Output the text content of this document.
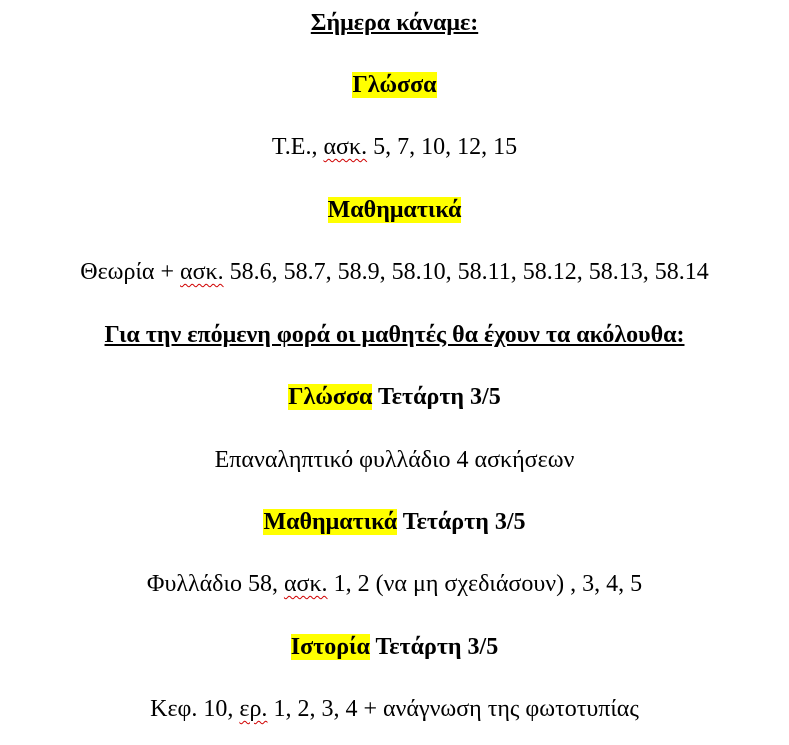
Σήμερα κάναμε:
Γλώσσα
Τ.Ε., ασκ. 5, 7, 10, 12, 15
Μαθηματικά
Θεωρία + ασκ. 58.6, 58.7, 58.9, 58.10, 58.11, 58.12, 58.13, 58.14
Για την επόμενη φορά οι μαθητές θα έχουν τα ακόλουθα:
Γλώσσα Τετάρτη 3/5
Επαναληπτικό φυλλάδιο 4 ασκήσεων
Μαθηματικά Τετάρτη 3/5
Φυλλάδιο 58, ασκ. 1, 2 (να μη σχεδιάσουν) , 3, 4, 5
Ιστορία Τετάρτη 3/5
Κεφ. 10, ερ. 1, 2, 3, 4 + ανάγνωση της φωτοτυπίας
